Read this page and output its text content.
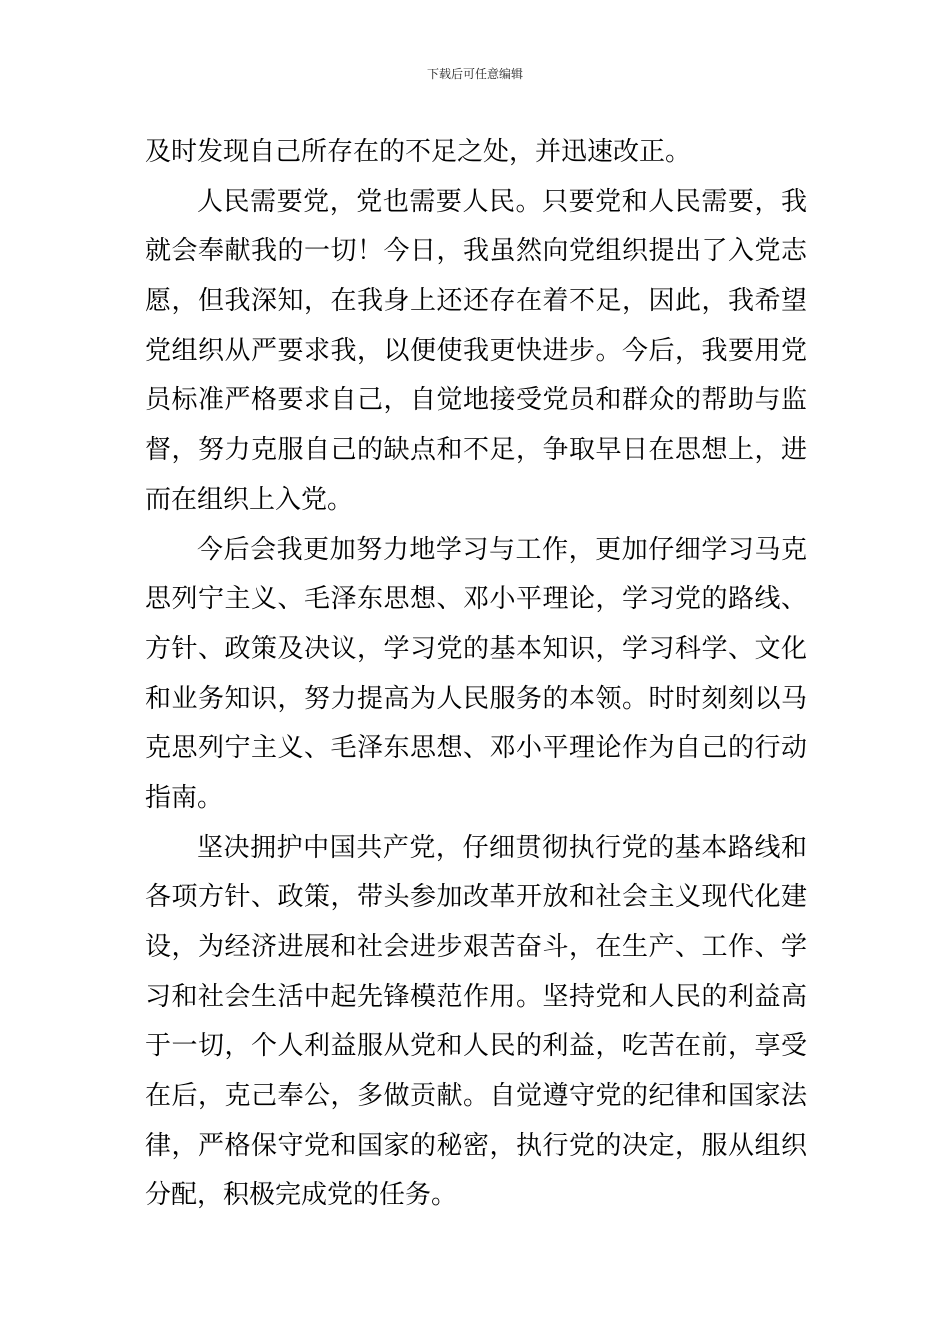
下载后可任意编辑
及时发现自己所存在的不足之处，并迅速改正。
人民需要党，党也需要人民。只要党和人民需要，我
就会奉献我的一切！今日，我虽然向党组织提出了入党志
愿，但我深知，在我身上还还存在着不足，因此，我希望
党组织从严要求我，以便使我更快进步。今后，我要用党
员标准严格要求自己，自觉地接受党员和群众的帮助与监
督，努力克服自己的缺点和不足，争取早日在思想上，进
而在组织上入党。
今后会我更加努力地学习与工作，更加仔细学习马克
思列宁主义、毛泽东思想、邓小平理论，学习党的路线、
方针、政策及决议，学习党的基本知识，学习科学、文化
和业务知识，努力提高为人民服务的本领。时时刻刻以马
克思列宁主义、毛泽东思想、邓小平理论作为自己的行动
指南。
坚决拥护中国共产党，仔细贯彻执行党的基本路线和
各项方针、政策，带头参加改革开放和社会主义现代化建
设，为经济进展和社会进步艰苦奋斗，在生产、工作、学
习和社会生活中起先锋模范作用。坚持党和人民的利益高
于一切，个人利益服从党和人民的利益，吃苦在前，享受
在后，克己奉公，多做贡献。自觉遵守党的纪律和国家法
律，严格保守党和国家的秘密，执行党的决定，服从组织
分配，积极完成党的任务。
